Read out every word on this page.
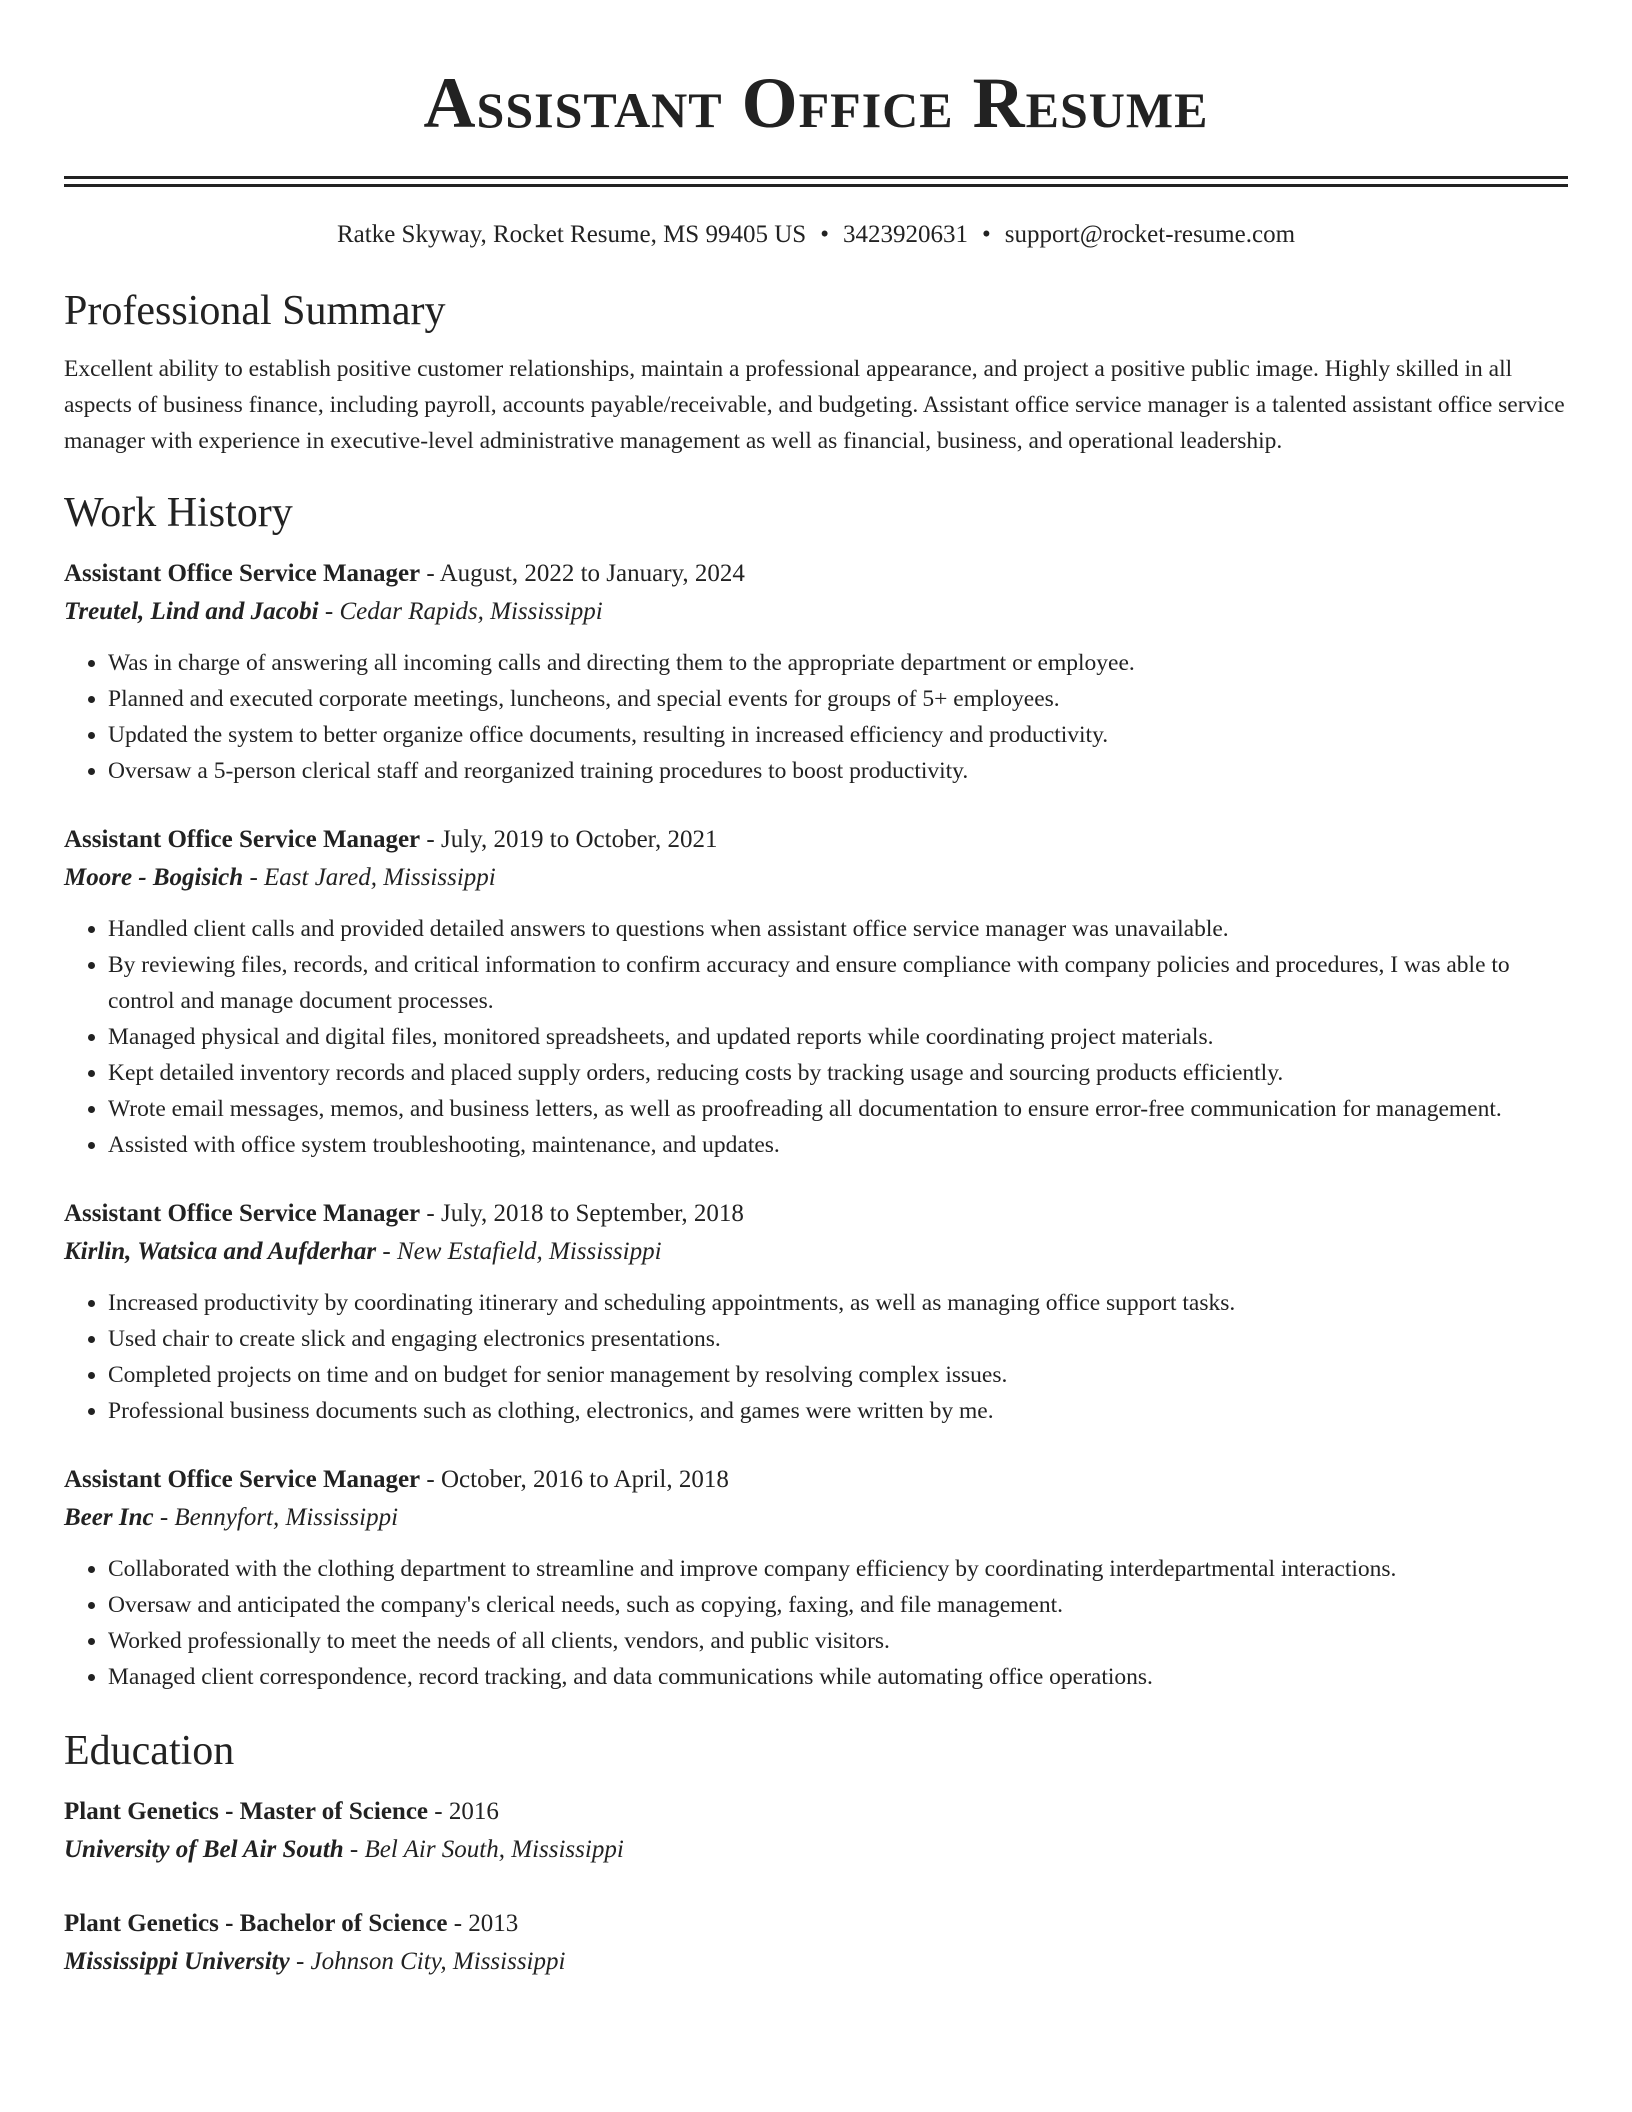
Assistant Office Resume
Ratke Skyway, Rocket Resume, MS 99405 US • 3423920631 • support@rocket-resume.com
Professional Summary

Excellent ability to establish positive customer relationships, maintain a professional appearance, and project a positive public image. Highly skilled in all aspects of business finance, including payroll, accounts payable/receivable, and budgeting. Assistant office service manager is a talented assistant office service manager with experience in executive-level administrative management as well as financial, business, and operational leadership.

Work History

Assistant Office Service Manager - August, 2022 to January, 2024

Treutel, Lind and Jacobi - Cedar Rapids, Mississippi

• Was in charge of answering all incoming calls and directing them to the appropriate department or employee.
• Planned and executed corporate meetings, luncheons, and special events for groups of 5+ employees.
• Updated the system to better organize office documents, resulting in increased efficiency and productivity.
• Oversaw a 5-person clerical staff and reorganized training procedures to boost productivity.

Assistant Office Service Manager - July, 2019 to October, 2021

Moore - Bogisich - East Jared, Mississippi

• Handled client calls and provided detailed answers to questions when assistant office service manager was unavailable.
• By reviewing files, records, and critical information to confirm accuracy and ensure compliance with company policies and procedures, I was able to control and manage document processes.
• Managed physical and digital files, monitored spreadsheets, and updated reports while coordinating project materials.
• Kept detailed inventory records and placed supply orders, reducing costs by tracking usage and sourcing products efficiently.
• Wrote email messages, memos, and business letters, as well as proofreading all documentation to ensure error-free communication for management.
• Assisted with office system troubleshooting, maintenance, and updates.

Assistant Office Service Manager - July, 2018 to September, 2018

Kirlin, Watsica and Aufderhar - New Estafield, Mississippi

• Increased productivity by coordinating itinerary and scheduling appointments, as well as managing office support tasks.
• Used chair to create slick and engaging electronics presentations.
• Completed projects on time and on budget for senior management by resolving complex issues.
• Professional business documents such as clothing, electronics, and games were written by me.

Assistant Office Service Manager - October, 2016 to April, 2018

Beer Inc - Bennyfort, Mississippi

• Collaborated with the clothing department to streamline and improve company efficiency by coordinating interdepartmental interactions.
• Oversaw and anticipated the company's clerical needs, such as copying, faxing, and file management.
• Worked professionally to meet the needs of all clients, vendors, and public visitors.
• Managed client correspondence, record tracking, and data communications while automating office operations.
Education

Plant Genetics - Master of Science - 2016

University of Bel Air South - Bel Air South, Mississippi

Plant Genetics - Bachelor of Science - 2013

Mississippi University - Johnson City, Mississippi
